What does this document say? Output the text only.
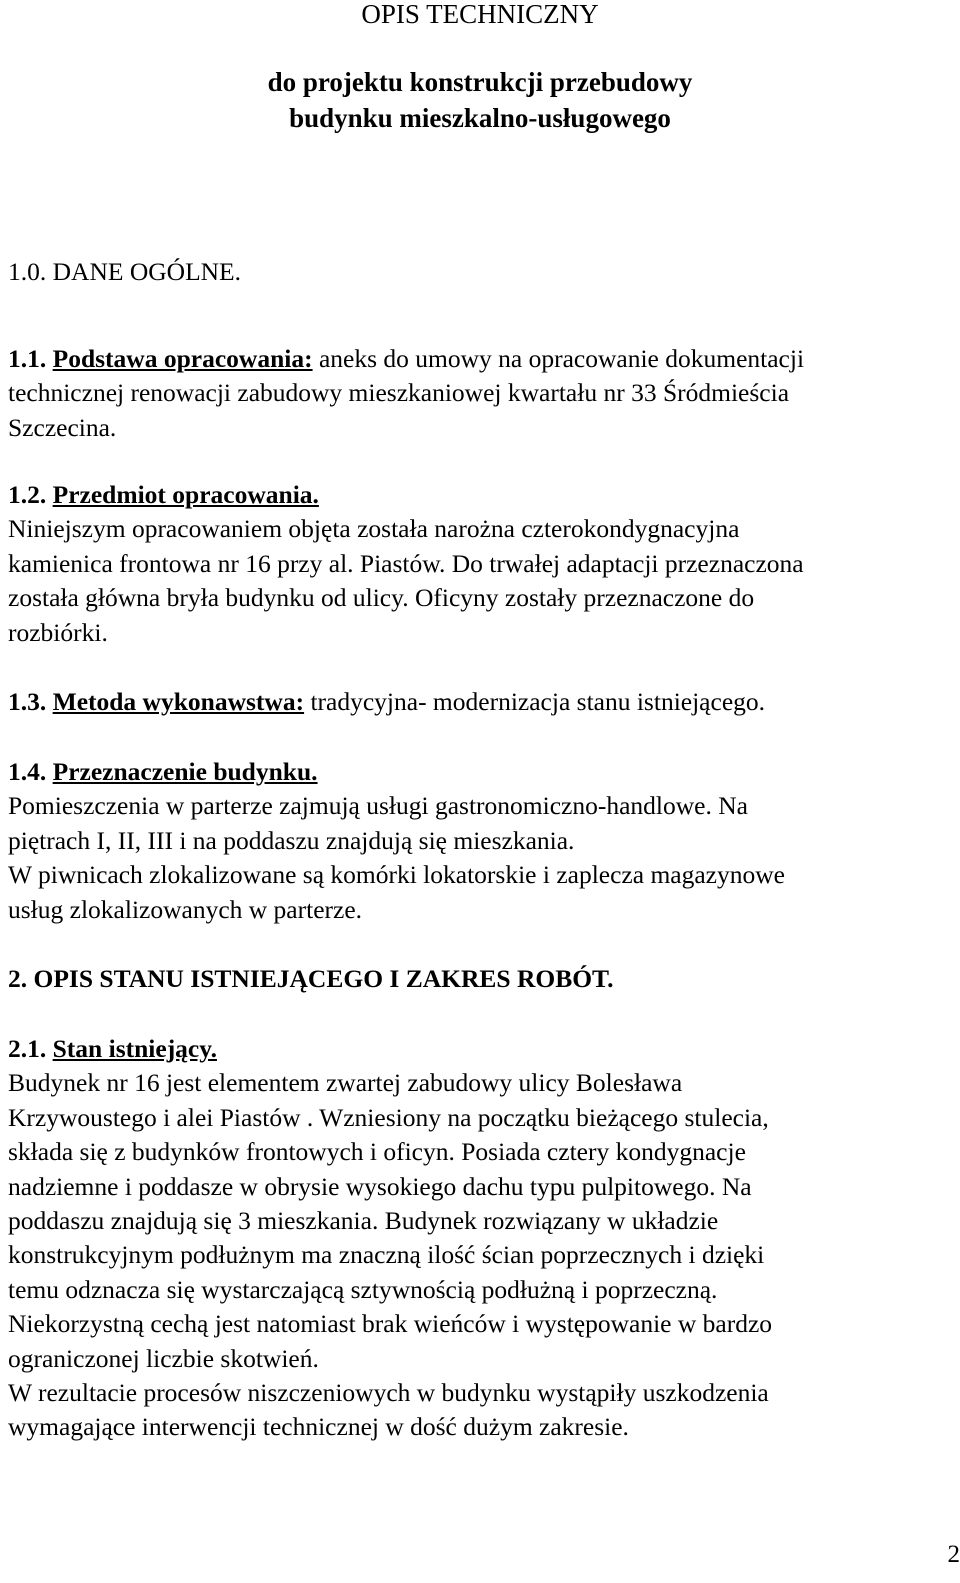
OPIS TECHNICZNY

do projektu konstrukcji przebudowy

budynku mieszkalno-usługowego

1.0. DANE OGÓLNE.

1.1. Podstawa opracowania: aneks do umowy na opracowanie dokumentacji
technicznej renowacji zabudowy mieszkaniowej kwartału nr 33 Śródmieścia
Szczecina.
1.2. Przedmiot opracowania.
Niniejszym opracowaniem objęta została narożna czterokondygnacyjna
kamienica frontowa nr 16 przy al. Piastów. Do trwałej adaptacji przeznaczona
została główna bryła budynku od ulicy. Oficyny zostały przeznaczone do
rozbiórki.
1.3. Metoda wykonawstwa: tradycyjna- modernizacja stanu istniejącego.
1.4. Przeznaczenie budynku.
Pomieszczenia w parterze zajmują usługi gastronomiczno-handlowe. Na
piętrach I, II, III i na poddaszu znajdują się mieszkania.
W piwnicach zlokalizowane są komórki lokatorskie i zaplecza magazynowe
usług zlokalizowanych w parterze.

2. OPIS STANU ISTNIEJĄCEGO I ZAKRES ROBÓT.

2.1. Stan istniejący.
Budynek nr 16 jest elementem zwartej zabudowy ulicy Bolesława
Krzywoustego i alei Piastów . Wzniesiony na początku bieżącego stulecia,
składa się z budynków frontowych i oficyn. Posiada cztery kondygnacje
nadziemne i poddasze w obrysie wysokiego dachu typu pulpitowego. Na
poddaszu znajdują się 3 mieszkania. Budynek rozwiązany w układzie
konstrukcyjnym podłużnym ma znaczną ilość ścian poprzecznych i dzięki
temu odznacza się wystarczającą sztywnością podłużną i poprzeczną.
Niekorzystną cechą jest natomiast brak wieńców i występowanie w bardzo
ograniczonej liczbie skotwień.
W rezultacie procesów niszczeniowych w budynku wystąpiły uszkodzenia
wymagające interwencji technicznej w dość dużym zakresie.
2
